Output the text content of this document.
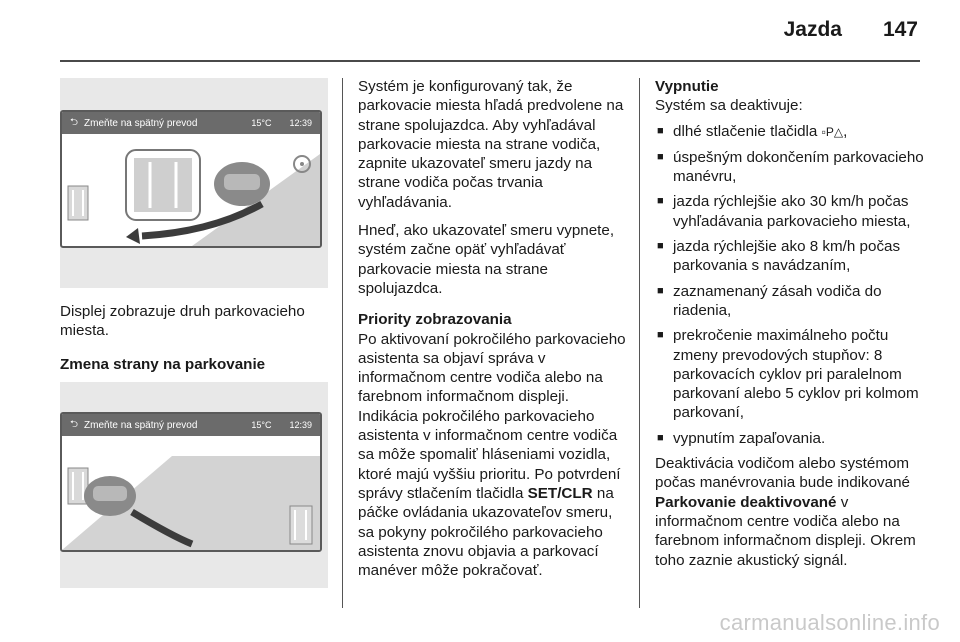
Jazda 147
⮌ Zmeňte na spätný prevod	15°C 12:39

Displej zobrazuje druh parkovacieho miesta.

Zmena strany na parkovanie

⮌ Zmeňte na spätný prevod	15°C 12:39

Systém je konfigurovaný tak, že parkovacie miesta hľadá predvolene na strane spolujazdca. Aby vyhľadával parkovacie miesta na strane vodiča, zapnite ukazovateľ smeru jazdy na strane vodiča počas trvania vyhľadávania.

Hneď, ako ukazovateľ smeru vypnete, systém začne opäť vyhľadávať parkovacie miesta na strane spolujazdca.

Priority zobrazovania

Po aktivovaní pokročilého parkovacieho asistenta sa objaví správa v informačnom centre vodiča alebo na farebnom informačnom displeji. Indikácia pokročilého parkovacieho asistenta v informačnom centre vodiča sa môže spomaliť hláseniami vozidla, ktoré majú vyššiu prioritu. Po potvrdení správy stlačením tlačidla SET/CLR na páčke ovládania ukazovateľov smeru, sa pokyny pokročilého parkovacieho asistenta znovu objavia a parkovací manéver môže pokračovať.

Vypnutie

Systém sa deaktivuje:

■ dlhé stlačenie tlačidla ▫P△,
■ úspešným dokončením parkovacieho manévru,
■ jazda rýchlejšie ako 30 km/h počas vyhľadávania parkovacieho miesta,
■ jazda rýchlejšie ako 8 km/h počas parkovania s navádzaním,
■ zaznamenaný zásah vodiča do riadenia,
■ prekročenie maximálneho počtu zmeny prevodových stupňov: 8 parkovacích cyklov pri paralelnom parkovaní alebo 5 cyklov pri kolmom parkovaní,
■ vypnutím zapaľovania.

Deaktivácia vodičom alebo systémom počas manévrovania bude indikované Parkovanie deaktivované v informačnom centre vodiča alebo na farebnom informačnom displeji. Okrem toho zaznie akustický signál.

carmanualsonline.info
